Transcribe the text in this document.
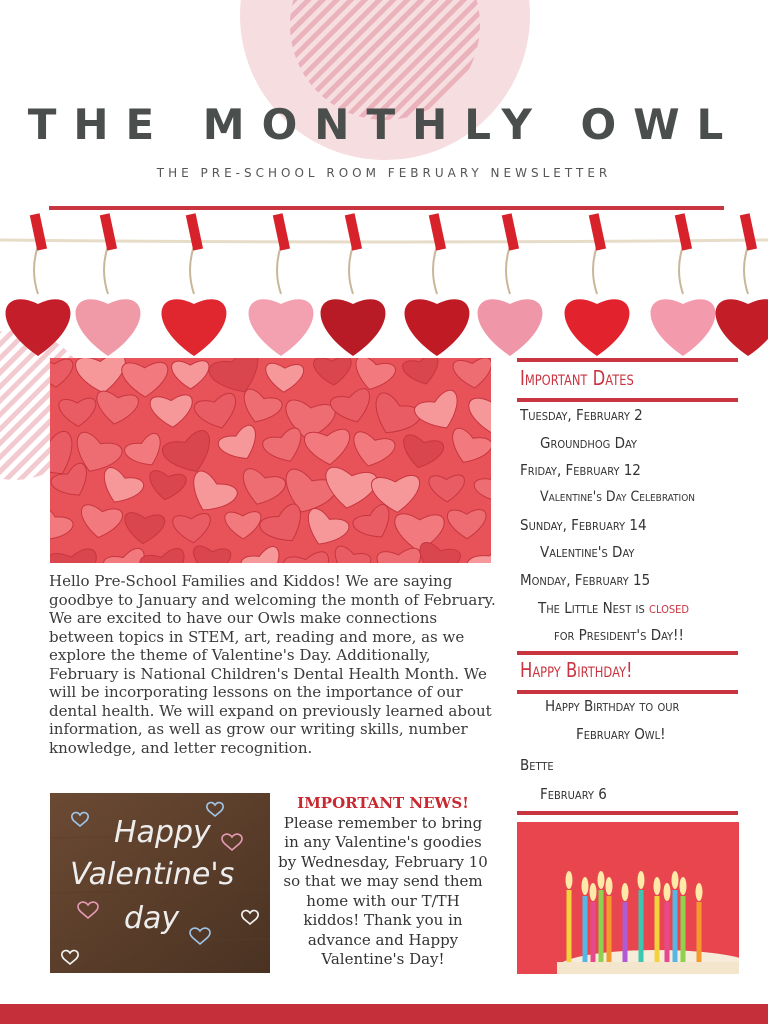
THE MONTHLY OWL
THE PRE-SCHOOL ROOM FEBRUARY NEWSLETTER
Hello Pre-School Families and Kiddos! We are saying goodbye to January and welcoming the month of February. We are excited to have our Owls make connections between topics in STEM, art, reading and more, as we explore the theme of Valentine's Day. Additionally, February is National Children's Dental Health Month. We will be incorporating lessons on the importance of our dental health. We will expand on previously learned about information, as well as grow our writing skills, number knowledge, and letter recognition.
Happy
Valentine's
day
IMPORTANT NEWS!
Please remember to bring in any Valentine's goodies by Wednesday, February 10 so that we may send them home with our T/TH kiddos! Thank you in advance and Happy Valentine's Day!
Important Dates
Tuesday, February 2
Groundhog Day
Friday, February 12
Valentine's Day Celebration
Sunday, February 14
Valentine's Day
Monday, February 15
The Little Nest is closed
for President's Day!!
Happy Birthday!
Happy Birthday to our
February Owl!
Bette
February 6
